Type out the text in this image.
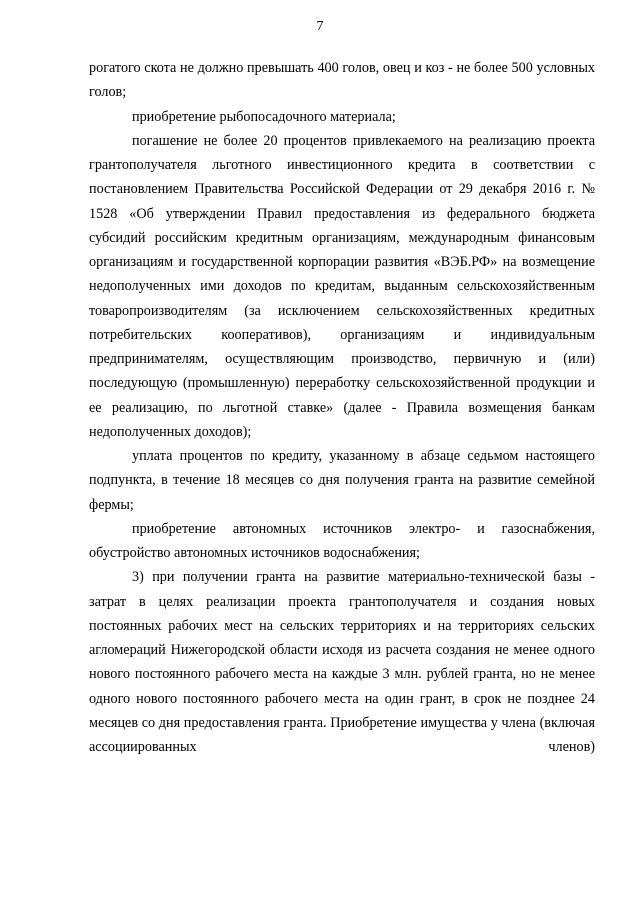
7

рогатого скота не должно превышать 400 голов, овец и коз - не более 500 условных голов;

приобретение рыбопосадочного материала;

погашение не более 20 процентов привлекаемого на реализацию проекта грантополучателя льготного инвестиционного кредита в соответствии с постановлением Правительства Российской Федерации от 29 декабря 2016 г. № 1528 «Об утверждении Правил предоставления из федерального бюджета субсидий российским кредитным организациям, международным финансовым организациям и государственной корпорации развития «ВЭБ.РФ» на возмещение недополученных ими доходов по кредитам, выданным сельскохозяйственным товаропроизводителям (за исключением сельскохозяйственных кредитных потребительских кооперативов), организациям и индивидуальным предпринимателям, осуществляющим производство, первичную и (или) последующую (промышленную) переработку сельскохозяйственной продукции и ее реализацию, по льготной ставке» (далее - Правила возмещения банкам недополученных доходов);

уплата процентов по кредиту, указанному в абзаце седьмом настоящего подпункта, в течение 18 месяцев со дня получения гранта на развитие семейной фермы;

приобретение автономных источников электро- и газоснабжения, обустройство автономных источников водоснабжения;

3) при получении гранта на развитие материально-технической базы - затрат в целях реализации проекта грантополучателя и создания новых постоянных рабочих мест на сельских территориях и на территориях сельских агломераций Нижегородской области исходя из расчета создания не менее одного нового постоянного рабочего места на каждые 3 млн. рублей гранта, но не менее одного нового постоянного рабочего места на один грант, в срок не позднее 24 месяцев со дня предоставления гранта. Приобретение имущества у члена (включая ассоциированных членов)
